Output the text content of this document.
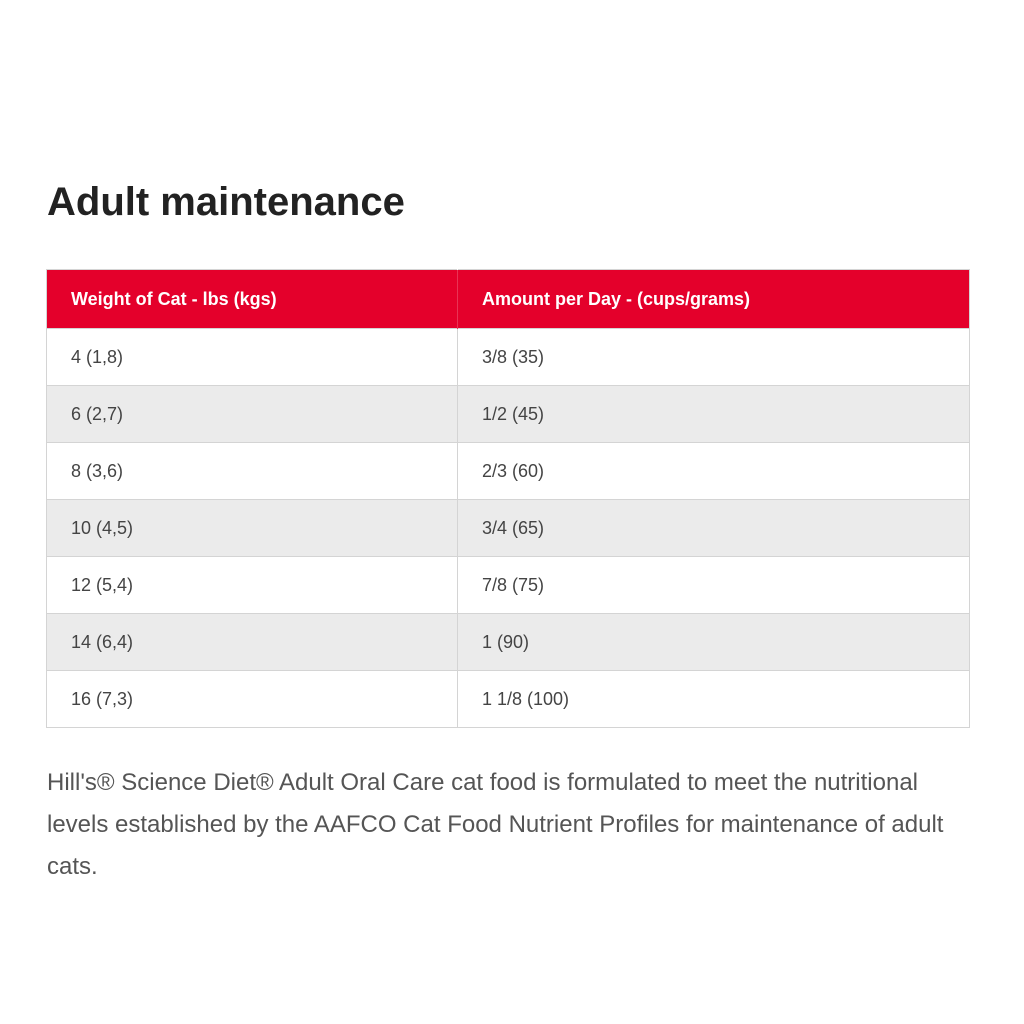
Adult maintenance
Weight of Cat - lbs (kgs)	Amount per Day - (cups/grams)
4 (1,8)	3/8 (35)
6 (2,7)	1/2 (45)
8 (3,6)	2/3 (60)
10 (4,5)	3/4 (65)
12 (5,4)	7/8 (75)
14 (6,4)	1 (90)
16 (7,3)	1 1/8 (100)

Hill's® Science Diet® Adult Oral Care cat food is formulated to meet the nutritional levels established by the AAFCO Cat Food Nutrient Profiles for maintenance of adult cats.
